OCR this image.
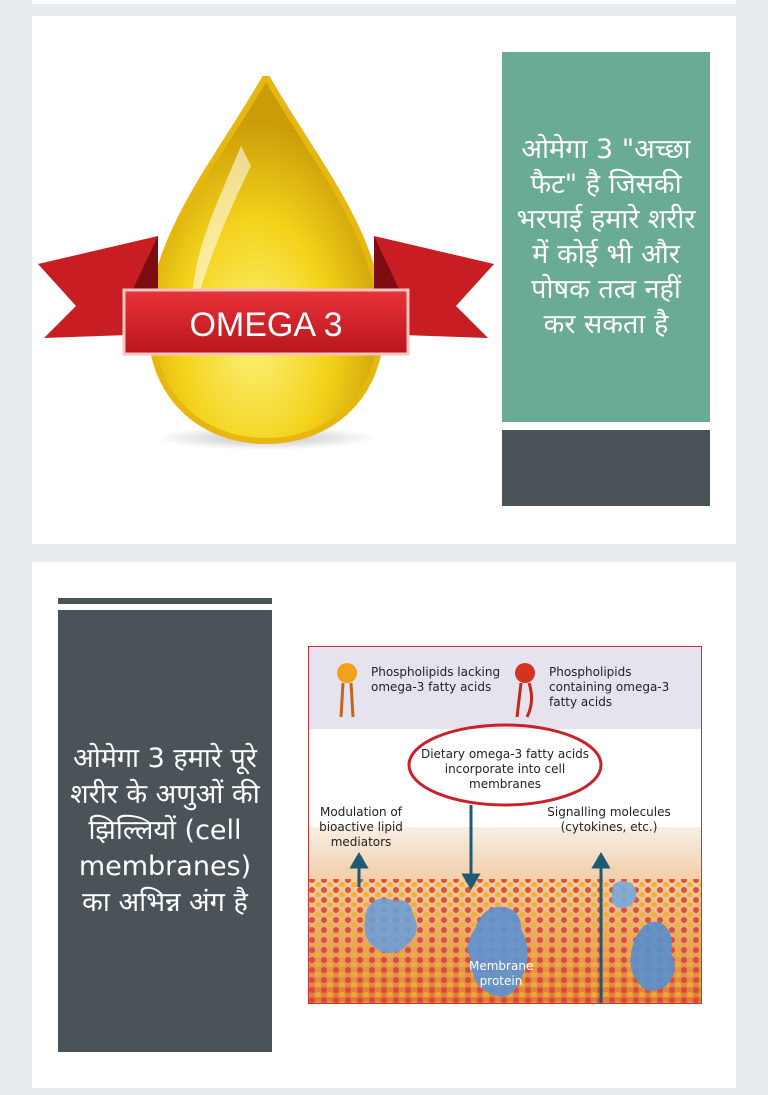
OMEGA 3
ओमेगा 3 "अच्छा फैट" है जिसकी भरपाई हमारे शरीर में कोई भी और पोषक तत्व नहीं कर सकता है
ओमेगा 3 हमारे पूरे शरीर के अणुओं की झिल्लियों (cell membranes) का अभिन्न अंग है
Phospholipids lacking omega-3 fatty acids
Phospholipids containing omega-3 fatty acids
Dietary omega-3 fatty acids incorporate into cell membranes
Modulation of bioactive lipid mediators
Signalling molecules (cytokines, etc.)
Membrane protein
